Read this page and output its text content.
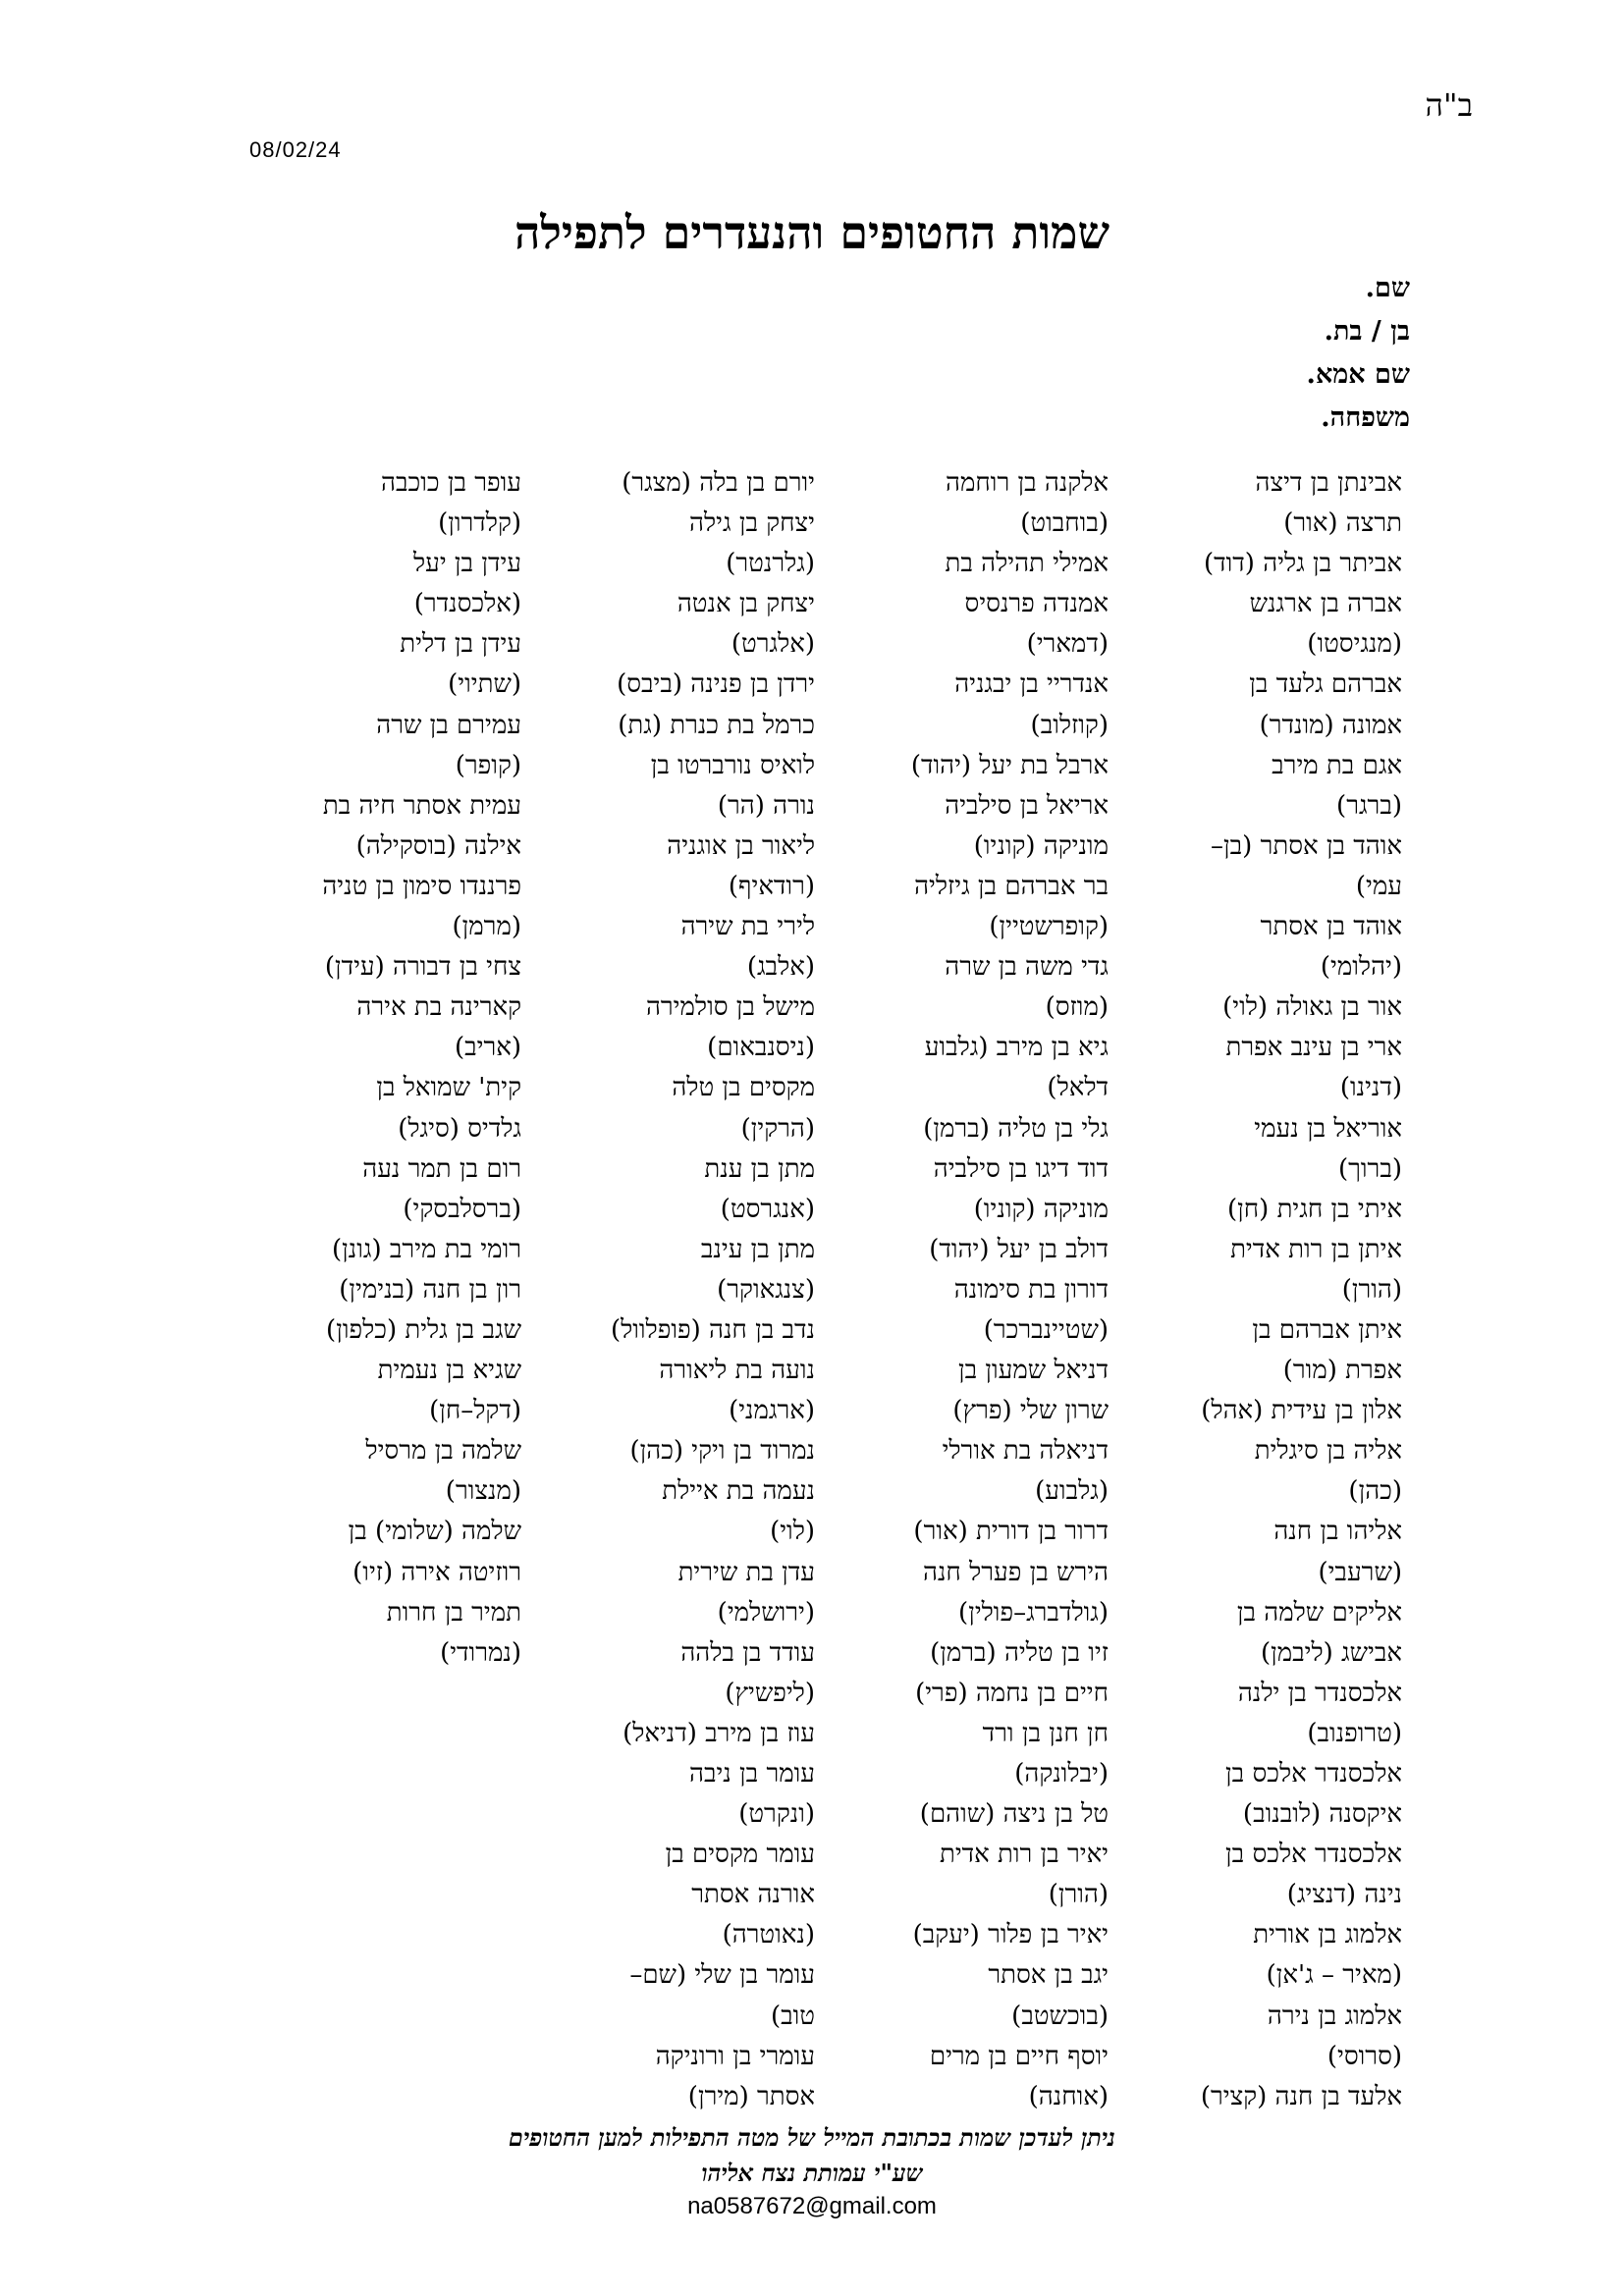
ב"ה
08/02/24
שמות החטופים והנעדרים לתפילה
שם.
בן / בת.
שם אמא.
משפחה.
אבינתן בן דיצה
תרצה (אור)
אביתר בן גליה (דוד)
אברה בן ארגנש
(מנגיסטו)
אברהם גלעד בן
אמונה (מונדר)
אגם בת מירב
(ברגר)
אוהד בן אסתר (בן–
עמי)
אוהד בן אסתר
(יהלומי)
אור בן גאולה (לוי)
ארי בן עינב אפרת
(דנינו)
אוריאל בן נעמי
(ברוך)
איתי בן חגית (חן)
איתן בן רות אדית
(הורן)
איתן אברהם בן
אפרת (מור)
אלון בן עידית (אהל)
אליה בן סיגלית
(כהן)
אליהו בן חנה
(שרעבי)
אליקים שלמה בן
אבישג (ליבמן)
אלכסנדר בן ילנה
(טרופנוב)
אלכסנדר אלכס בן
איקסנה (לובנוב)
אלכסנדר אלכס בן
נינה (דנציג)
אלמוג בן אורית
(מאיר – ג'אן)
אלמוג בן נירה
(סרוסי)
אלעד בן חנה (קציר)
אלקנה בן רוחמה
(בוחבוט)
אמילי תהילה בת
אמנדה פרנסיס
(דמארי)
אנדריי בן יבגניה
(קוזלוב)
ארבל בת יעל (יהוד)
אריאל בן סילביה
מוניקה (קוניו)
בר אברהם בן גיזליה
(קופרשטיין)
גדי משה בן שרה
(מוזס)
גיא בן מירב (גלבוע
דלאל)
גלי בן טליה (ברמן)
דוד דיגו בן סילביה
מוניקה (קוניו)
דולב בן יעל (יהוד)
דורון בת סימונה
(שטיינברכר)
דניאל שמעון בן
שרון שלי (פרץ)
דניאלה בת אורלי
(גלבוע)
דרור בן דורית (אור)
הירש בן פערל חנה
(גולדברג–פולין)
זיו בן טליה (ברמן)
חיים בן נחמה (פרי)
חן חנן בן ורד
(יבלונקה)
טל בן ניצה (שוהם)
יאיר בן רות אדית
(הורן)
יאיר בן פלור (יעקב)
יגב בן אסתר
(בוכשטב)
יוסף חיים בן מרים
(אוחנה)
יורם בן בלה (מצגר)
יצחק בן גילה
(גלרנטר)
יצחק בן אנטה
(אלגרט)
ירדן בן פנינה (ביבס)
כרמל בת כנרת (גת)
לואיס נורברטו בן
נורה (הר)
ליאור בן אוגניה
(רודאיף)
לירי בת שירה
(אלבג)
מישל בן סולמירה
(ניסנבאום)
מקסים בן טלה
(הרקין)
מתן בן ענת
(אנגרסט)
מתן בן עינב
(צנגאוקר)
נדב בן חנה (פופלוול)
נועה בת ליאורה
(ארגמני)
נמרוד בן ויקי (כהן)
נעמה בת איילת
(לוי)
עדן בת שירית
(ירושלמי)
עודד בן בלהה
(ליפשיץ)
עוז בן מירב (דניאל)
עומר בן ניבה
(ונקרט)
עומר מקסים בן
אורנה אסתר
(נאוטרה)
עומר בן שלי (שם–
טוב)
עומרי בן ורוניקה
אסתר (מירן)
עופר בן כוכבה
(קלדרון)
עידן בן יעל
(אלכסנדר)
עידן בן דלית
(שתיוי)
עמירם בן שרה
(קופר)
עמית אסתר חיה בת
אילנה (בוסקילה)
פרננדו סימון בן טניה
(מרמן)
צחי בן דבורה (עידן)
קארינה בת אירה
(אריב)
קית' שמואל בן
גלדיס (סיגל)
רום בן תמר נעה
(ברסלבסקי)
רומי בת מירב (גונן)
רון בן חנה (בנימין)
שגב בן גלית (כלפון)
שגיא בן נעמית
(דקל–חן)
שלמה בן מרסיל
(מנצור)
שלמה (שלומי) בן
רוזיטה אירה (זיו)
תמיר בן חרות
(נמרודי)
ניתן לעדכן שמות בכתובת המייל של מטה התפילות למען החטופים
שע"י עמותת נצח אליהו
na0587672@gmail.com
